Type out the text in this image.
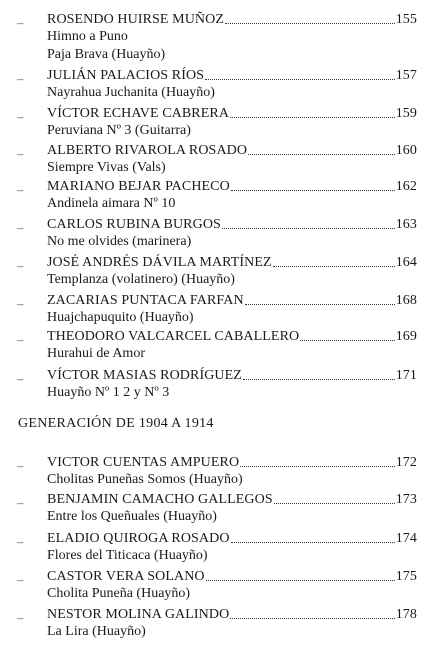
– ROSENDO HUIRSE MUÑOZ	155
Himno a Puno
Paja Brava (Huayño)
– JULIÁN PALACIOS RÍOS	157
Nayrahua Juchanita (Huayño)
– VÍCTOR ECHAVE CABRERA	159
Peruviana Nº 3 (Guitarra)
– ALBERTO RIVAROLA ROSADO	160
Siempre Vivas (Vals)
– MARIANO BEJAR PACHECO	162
Andinela aimara Nº 10
– CARLOS RUBINA BURGOS	163
No me olvides (marinera)
– JOSÉ ANDRÉS DÁVILA MARTÍNEZ	164
Templanza (volatinero) (Huayño)
– ZACARIAS PUNTACA FARFAN	168
Huajchapuquito (Huayño)
– THEODORO VALCARCEL CABALLERO	169
Hurahui de Amor
– VÍCTOR MASIAS RODRÍGUEZ	171
Huayño Nº 1 2 y Nº 3
GENERACIÓN DE 1904 A 1914
– VICTOR CUENTAS AMPUERO	172
Cholitas Puneñas Somos (Huayño)
– BENJAMIN CAMACHO GALLEGOS	173
Entre los Queñuales (Huayño)
– ELADIO QUIROGA ROSADO	174
Flores del Titicaca (Huayño)
– CASTOR VERA SOLANO	175
Cholita Puneña (Huayño)
– NESTOR MOLINA GALINDO	178
La Lira (Huayño)
